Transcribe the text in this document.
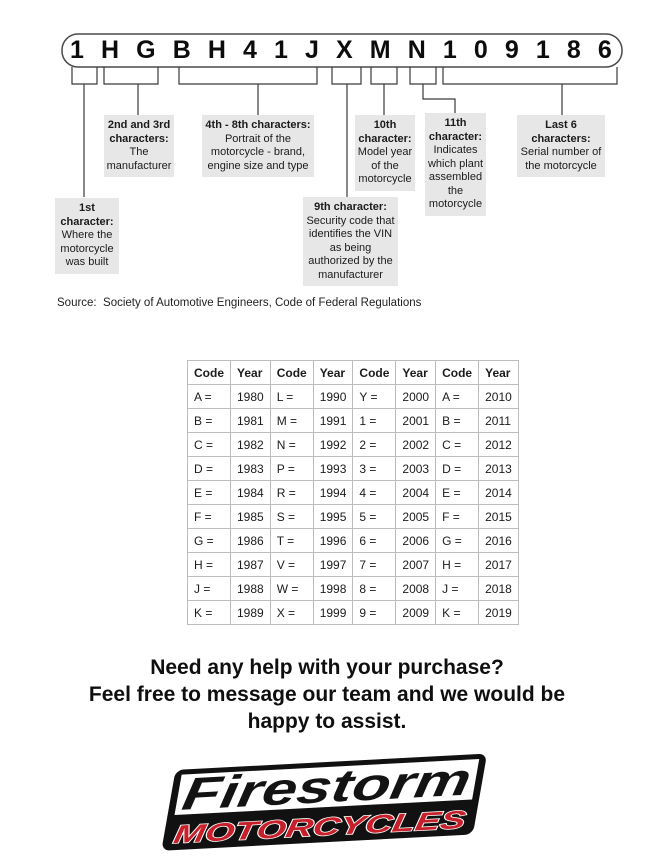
1 H G B H 4 1 J X M N 1 0 9 1 8 6
1st character:
Where the motorcycle was built
2nd and 3rd characters:
The manufacturer
4th - 8th characters:
Portrait of the motorcycle - brand, engine size and type
9th character:
Security code that identifies the VIN as being authorized by the manufacturer
10th character:
Model year of the motorcycle
11th character:
Indicates which plant assembled the motorcycle
Last 6 characters:
Serial number of the motorcycle
Source:  Society of Automotive Engineers, Code of Federal Regulations
Code	Year	Code	Year	Code	Year	Code	Year
A =	1980	L =	1990	Y =	2000	A =	2010
B =	1981	M =	1991	1 =	2001	B =	2011
C =	1982	N =	1992	2 =	2002	C =	2012
D =	1983	P =	1993	3 =	2003	D =	2013
E =	1984	R =	1994	4 =	2004	E =	2014
F =	1985	S =	1995	5 =	2005	F =	2015
G =	1986	T =	1996	6 =	2006	G =	2016
H =	1987	V =	1997	7 =	2007	H =	2017
J =	1988	W =	1998	8 =	2008	J =	2018
K =	1989	X =	1999	9 =	2009	K =	2019
Need any help with your purchase?
Feel free to message our team and we would be
happy to assist.
Firestorm
MOTORCYCLES
